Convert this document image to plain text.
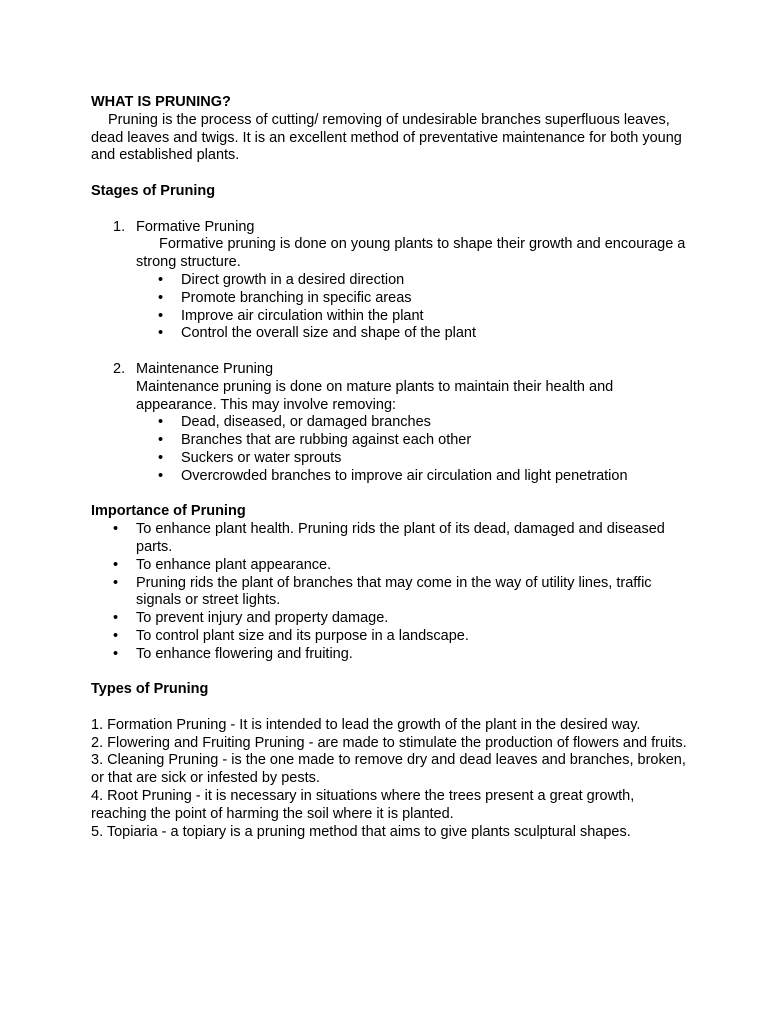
WHAT IS PRUNING?

Pruning is the process of cutting/ removing of undesirable branches superfluous leaves, dead leaves and twigs. It is an excellent method of preventative maintenance for both young and established plants.

Stages of Pruning

1. Formative Pruning

Formative pruning is done on young plants to shape their growth and encourage a strong structure.

• Direct growth in a desired direction
• Promote branching in specific areas
• Improve air circulation within the plant
• Control the overall size and shape of the plant
2. Maintenance Pruning

Maintenance pruning is done on mature plants to maintain their health and appearance. This may involve removing:

• Dead, diseased, or damaged branches
• Branches that are rubbing against each other
• Suckers or water sprouts
• Overcrowded branches to improve air circulation and light penetration

Importance of Pruning

• To enhance plant health. Pruning rids the plant of its dead, damaged and diseased parts.
• To enhance plant appearance.
• Pruning rids the plant of branches that may come in the way of utility lines, traffic signals or street lights.
• To prevent injury and property damage.
• To control plant size and its purpose in a landscape.
• To enhance flowering and fruiting.

Types of Pruning

1. Formation Pruning - It is intended to lead the growth of the plant in the desired way.

2. Flowering and Fruiting Pruning - are made to stimulate the production of flowers and fruits.

3. Cleaning Pruning - is the one made to remove dry and dead leaves and branches, broken, or that are sick or infested by pests.

4. Root Pruning - it is necessary in situations where the trees present a great growth, reaching the point of harming the soil where it is planted.

5. Topiaria - a topiary is a pruning method that aims to give plants sculptural shapes.
